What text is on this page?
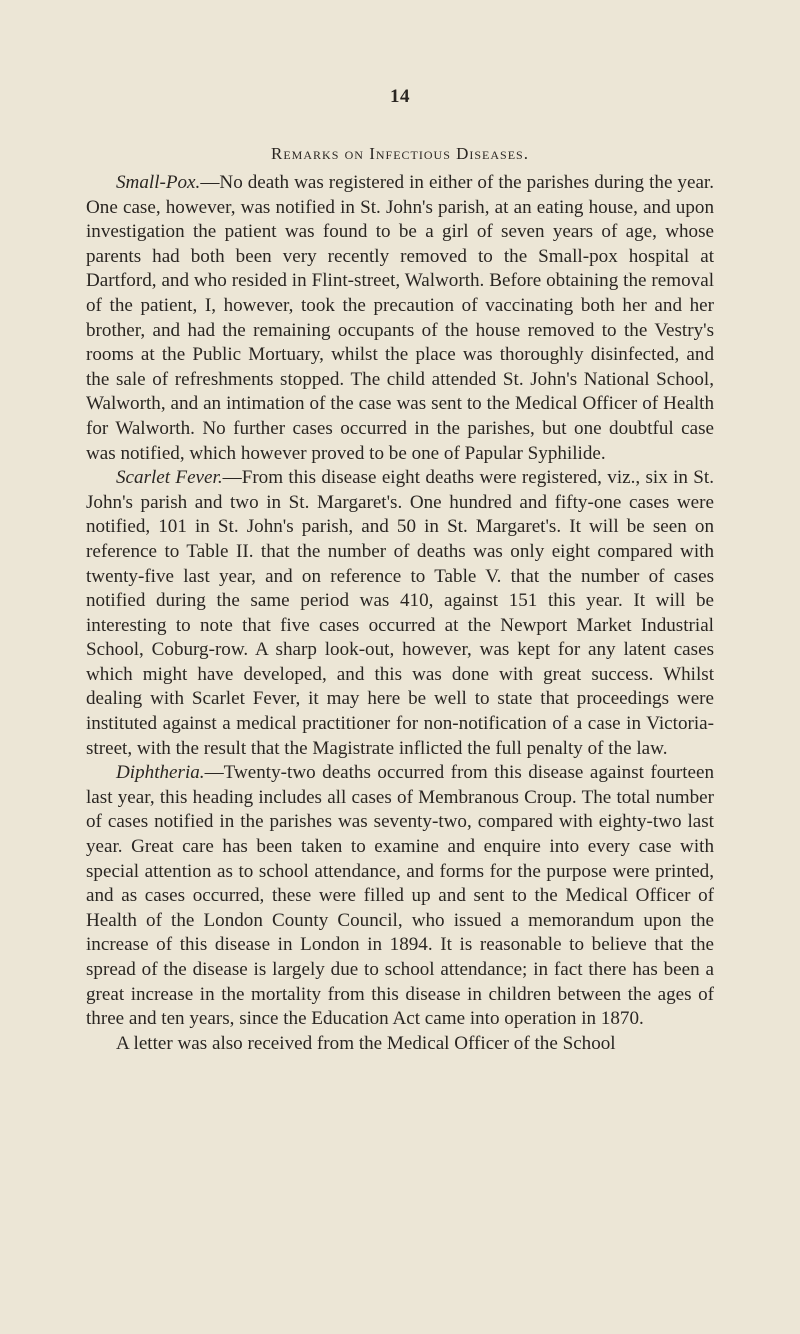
14
Remarks on Infectious Diseases.

Small-Pox.—No death was registered in either of the parishes during the year. One case, however, was notified in St. John's parish, at an eating house, and upon investigation the patient was found to be a girl of seven years of age, whose parents had both been very recently removed to the Small-pox hospital at Dartford, and who resided in Flint-street, Walworth. Before obtaining the removal of the patient, I, however, took the precaution of vaccinating both her and her brother, and had the remaining occupants of the house removed to the Vestry's rooms at the Public Mortuary, whilst the place was thoroughly disinfected, and the sale of refreshments stopped. The child attended St. John's National School, Walworth, and an intimation of the case was sent to the Medical Officer of Health for Walworth. No further cases occurred in the parishes, but one doubtful case was notified, which however proved to be one of Papular Syphilide.

Scarlet Fever.—From this disease eight deaths were registered, viz., six in St. John's parish and two in St. Margaret's. One hundred and fifty-one cases were notified, 101 in St. John's parish, and 50 in St. Margaret's. It will be seen on reference to Table II. that the number of deaths was only eight compared with twenty-five last year, and on reference to Table V. that the number of cases notified during the same period was 410, against 151 this year. It will be interesting to note that five cases occurred at the Newport Market Industrial School, Coburg-row. A sharp look-out, however, was kept for any latent cases which might have developed, and this was done with great success. Whilst dealing with Scarlet Fever, it may here be well to state that proceedings were instituted against a medical practitioner for non-notification of a case in Victoria-street, with the result that the Magistrate inflicted the full penalty of the law.

Diphtheria.—Twenty-two deaths occurred from this disease against fourteen last year, this heading includes all cases of Membranous Croup. The total number of cases notified in the parishes was seventy-two, compared with eighty-two last year. Great care has been taken to examine and enquire into every case with special attention as to school attendance, and forms for the purpose were printed, and as cases occurred, these were filled up and sent to the Medical Officer of Health of the London County Council, who issued a memorandum upon the increase of this disease in London in 1894. It is reasonable to believe that the spread of the disease is largely due to school attendance; in fact there has been a great increase in the mortality from this disease in children between the ages of three and ten years, since the Education Act came into operation in 1870.

A letter was also received from the Medical Officer of the School
